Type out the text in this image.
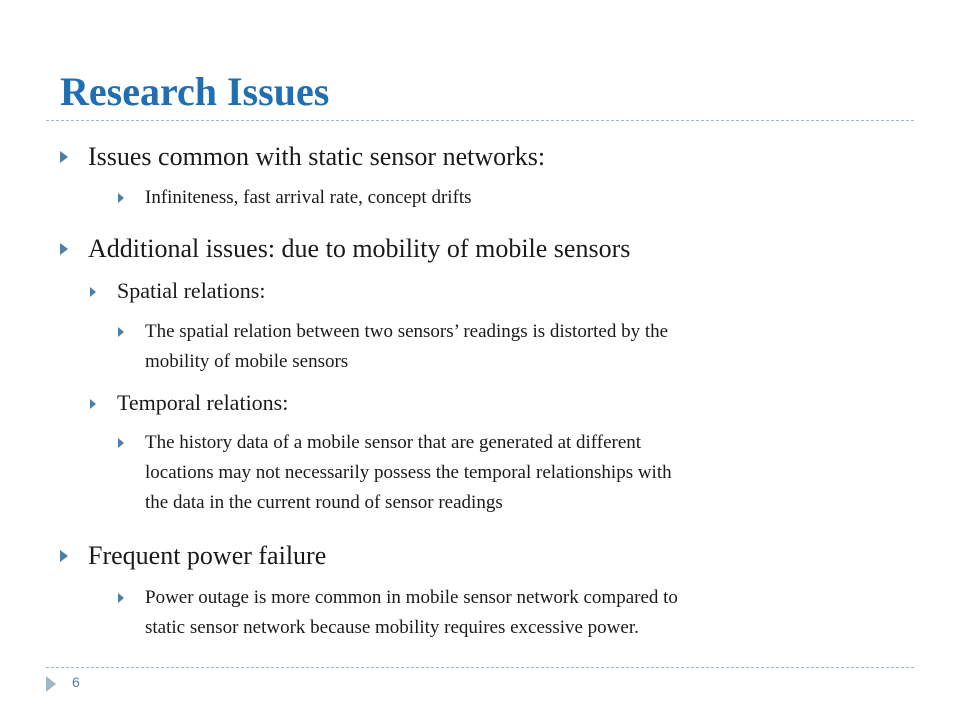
Research Issues
Issues common with static sensor networks:
Infiniteness, fast arrival rate, concept drifts
Additional issues: due to mobility of mobile sensors
Spatial relations:
The spatial relation between two sensors’ readings is distorted by the
mobility of mobile sensors
Temporal relations:
The history data of a mobile sensor that are generated at different
locations may not necessarily possess the temporal relationships with
the data in the current round of sensor readings
Frequent power failure
Power outage is more common in mobile sensor network compared to
static sensor network because mobility requires excessive power.
6
